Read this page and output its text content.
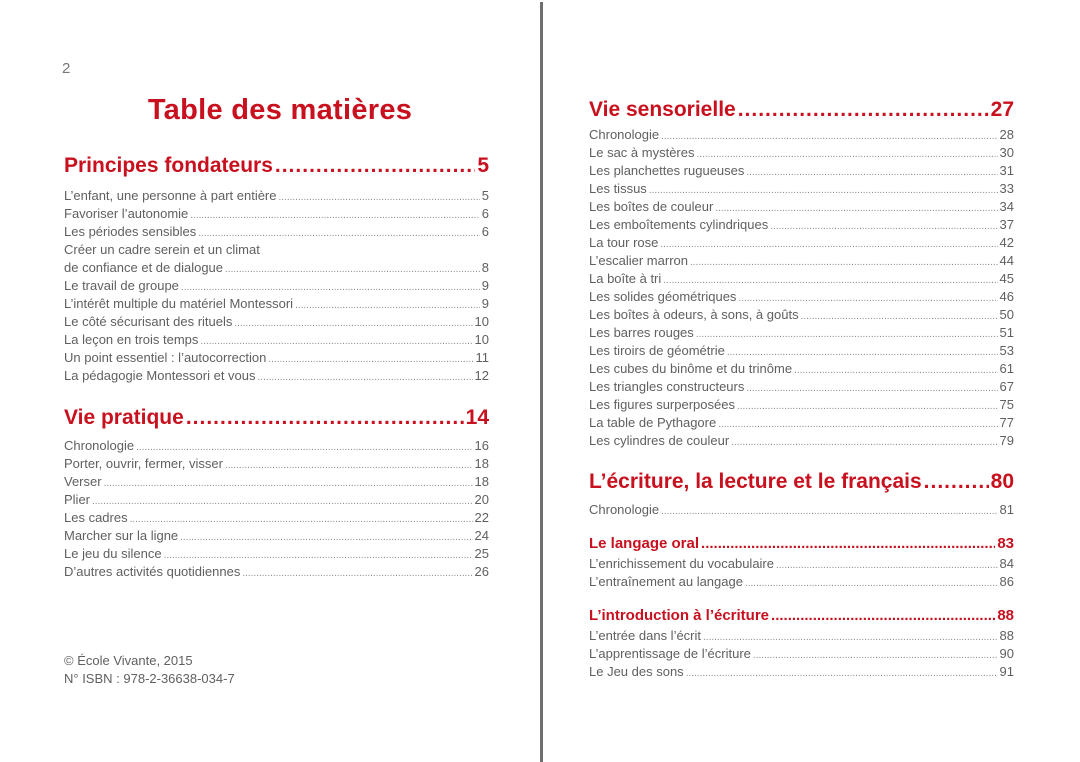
2
Table des matières
Principes fondateurs .....	5
L’enfant, une personne à part entière .....	5
Favoriser l’autonomie .....	6
Les périodes sensibles .....	6
Créer un cadre serein et un climat
de confiance et de dialogue .....	8
Le travail de groupe .....	9
L’intérêt multiple du matériel Montessori .....	9
Le côté sécurisant des rituels .....	10
La leçon en trois temps .....	10
Un point essentiel : l’autocorrection .....	11
La pédagogie Montessori et vous .....	12
Vie pratique .....	14
Chronologie .....	16
Porter, ouvrir, fermer, visser .....	18
Verser .....	18
Plier .....	20
Les cadres .....	22
Marcher sur la ligne .....	24
Le jeu du silence .....	25
D’autres activités quotidiennes .....	26
© École Vivante, 2015
N° ISBN : 978-2-36638-034-7
Vie sensorielle .....	27
Chronologie .....	28
Le sac à mystères .....	30
Les planchettes rugueuses .....	31
Les tissus .....	33
Les boîtes de couleur .....	34
Les emboîtements cylindriques .....	37
La tour rose .....	42
L’escalier marron .....	44
La boîte à tri .....	45
Les solides géométriques .....	46
Les boîtes à odeurs, à sons, à goûts .....	50
Les barres rouges .....	51
Les tiroirs de géométrie .....	53
Les cubes du binôme et du trinôme .....	61
Les triangles constructeurs .....	67
Les figures surperposées .....	75
La table de Pythagore .....	77
Les cylindres de couleur .....	79
L’écriture, la lecture et le français .....	80
Chronologie .....	81
Le langage oral .....	83
L’enrichissement du vocabulaire .....	84
L’entraînement au langage .....	86
L’introduction à l’écriture .....	88
L’entrée dans l’écrit .....	88
L’apprentissage de l’écriture .....	90
Le Jeu des sons .....	91
